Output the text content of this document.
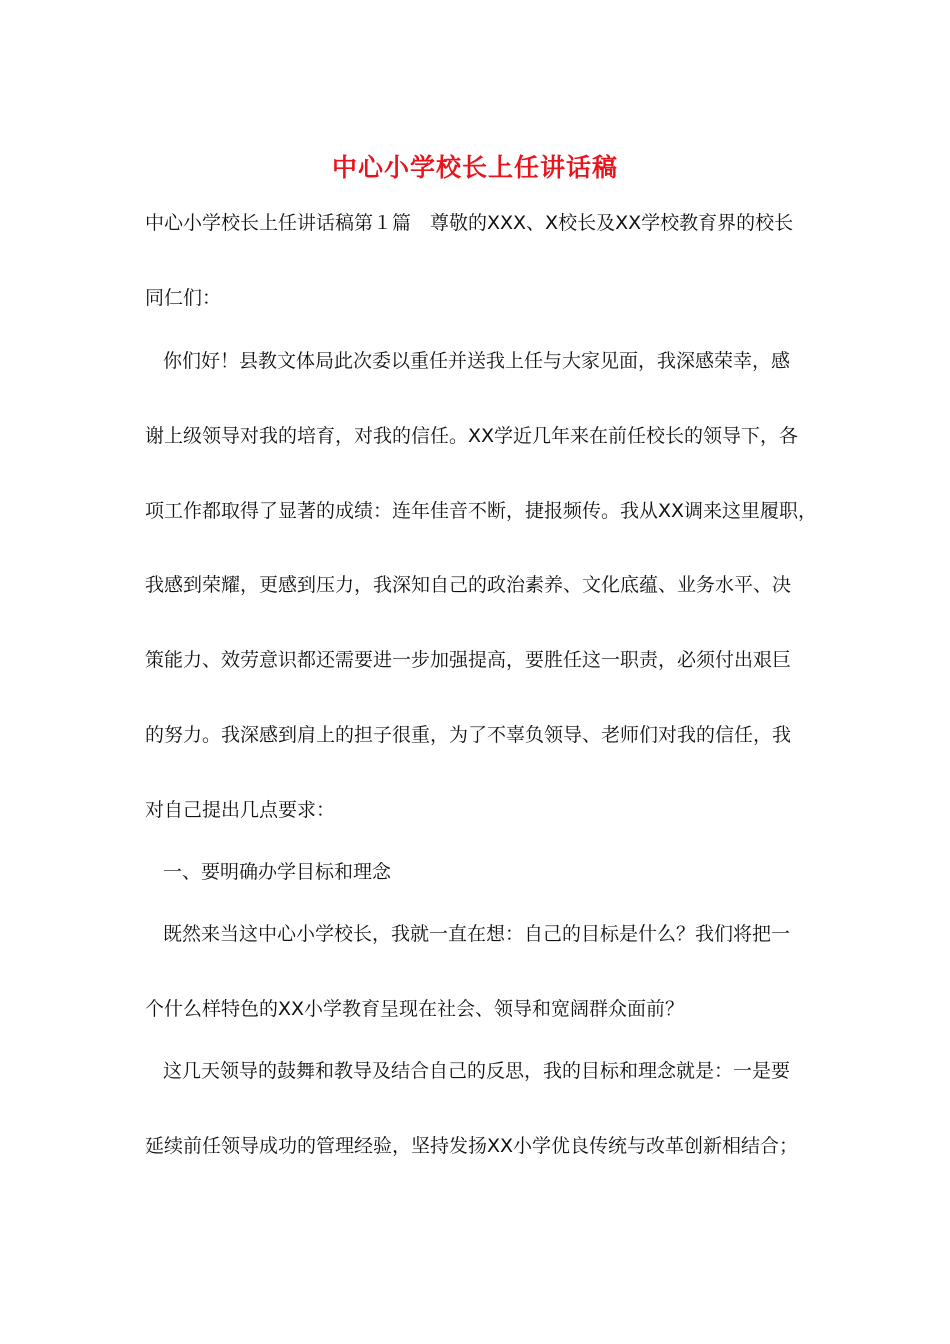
中心小学校长上任讲话稿
中心小学校长上任讲话稿第１篇　尊敬的XXX、X校长及XX学校教育界的校长
同仁们：
你们好！县教文体局此次委以重任并送我上任与大家见面，我深感荣幸，感
谢上级领导对我的培育，对我的信任。XX学近几年来在前任校长的领导下，各
项工作都取得了显著的成绩：连年佳音不断，捷报频传。我从XX调来这里履职，
我感到荣耀，更感到压力，我深知自己的政治素养、文化底蕴、业务水平、决
策能力、效劳意识都还需要进一步加强提高，要胜任这一职责，必须付出艰巨
的努力。我深感到肩上的担子很重，为了不辜负领导、老师们对我的信任，我
对自己提出几点要求：
一、要明确办学目标和理念
既然来当这中心小学校长，我就一直在想：自己的目标是什么？我们将把一
个什么样特色的XX小学教育呈现在社会、领导和宽阔群众面前？
这几天领导的鼓舞和教导及结合自己的反思，我的目标和理念就是：一是要
延续前任领导成功的管理经验，坚持发扬XX小学优良传统与改革创新相结合；
